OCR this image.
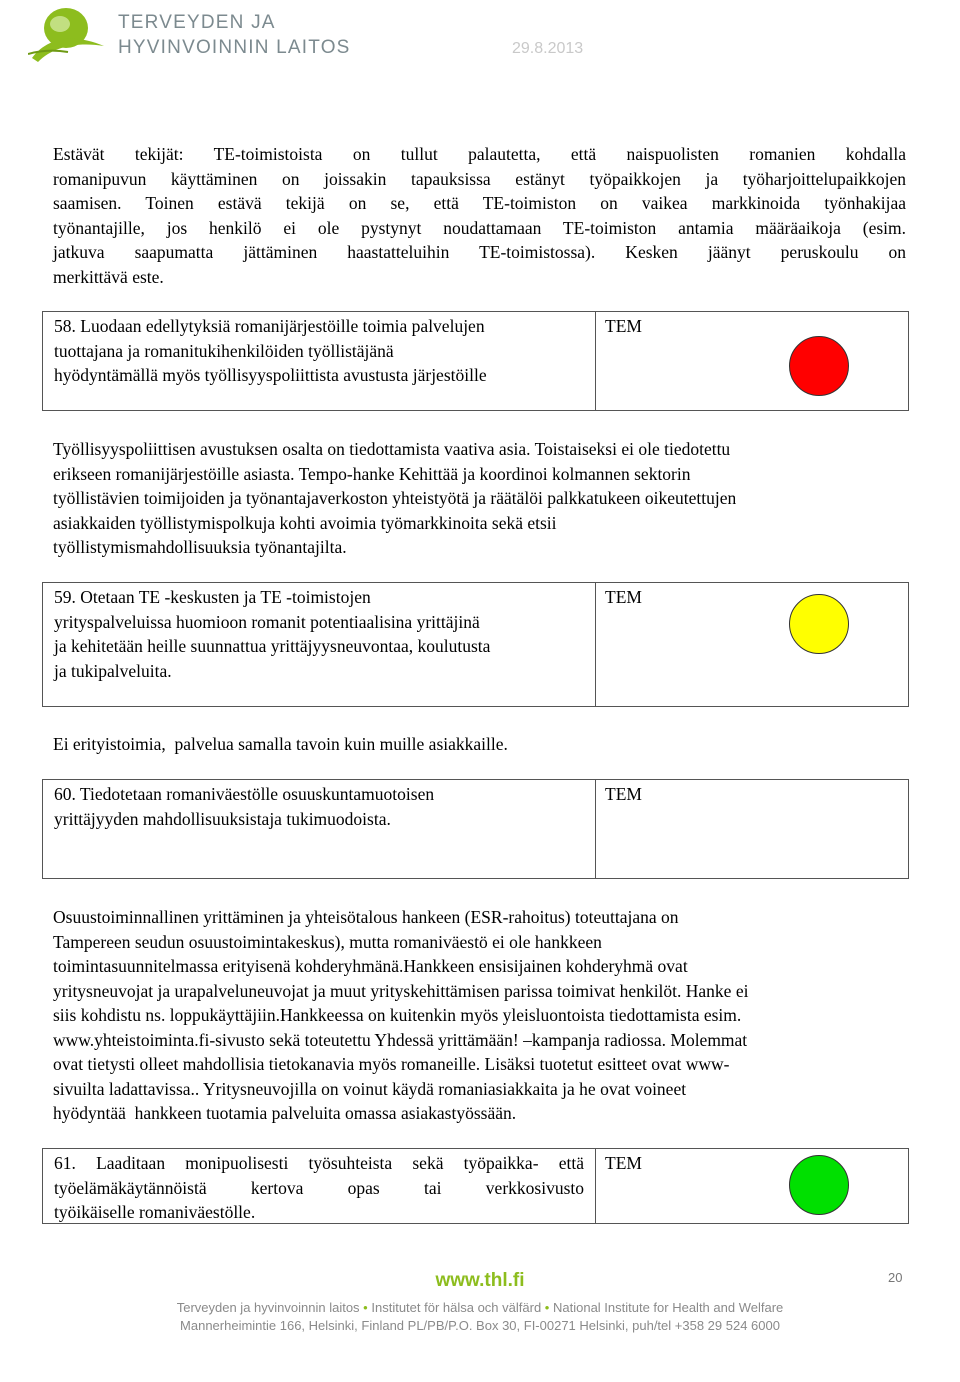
TERVEYDEN JA
HYVINVOINNIN LAITOS	29.8.2013

Estävät tekijät: TE-toimistoista on tullut palautetta, että naispuolisten romanien kohdalla

romanipuvun käyttäminen on joissakin tapauksissa estänyt työpaikkojen ja työharjoittelupaikkojen

saamisen. Toinen estävä tekijä on se, että TE-toimiston on vaikea markkinoida työnhakijaa

työnantajille, jos henkilö ei ole pystynyt noudattamaan TE-toimiston antamia määräaikoja (esim.

jatkuva saapumatta jättäminen haastatteluihin TE-toimistossa). Kesken jäänyt peruskoulu on

merkittävä este.

58. Luodaan edellytyksiä romanijärjestöille toimia palvelujen
tuottajana ja romanitukihenkilöiden työllistäjänä
hyödyntämällä myös työllisyyspoliittista avustusta järjestöille
TEM

Työllisyyspoliittisen avustuksen osalta on tiedottamista vaativa asia. Toistaiseksi ei ole tiedotettu

erikseen romanijärjestöille asiasta. Tempo-hanke Kehittää ja koordinoi kolmannen sektorin

työllistävien toimijoiden ja työnantajaverkoston yhteistyötä ja räätälöi palkkatukeen oikeutettujen

asiakkaiden työllistymispolkuja kohti avoimia työmarkkinoita sekä etsii

työllistymismahdollisuuksia työnantajilta.

59. Otetaan TE -keskusten ja TE -toimistojen
yrityspalveluissa huomioon romanit potentiaalisina yrittäjinä
ja kehitetään heille suunnattua yrittäjyysneuvontaa, koulutusta
ja tukipalveluita.
TEM

Ei erityistoimia,  palvelua samalla tavoin kuin muille asiakkaille.

60. Tiedotetaan romaniväestölle osuuskuntamuotoisen
yrittäjyyden mahdollisuuksistaja tukimuodoista.
TEM

Osuustoiminnallinen yrittäminen ja yhteisötalous hankeen (ESR-rahoitus) toteuttajana on

Tampereen seudun osuustoimintakeskus), mutta romaniväestö ei ole hankkeen

toimintasuunnitelmassa erityisenä kohderyhmänä.Hankkeen ensisijainen kohderyhmä ovat

yritysneuvojat ja urapalveluneuvojat ja muut yrityskehittämisen parissa toimivat henkilöt. Hanke ei

siis kohdistu ns. loppukäyttäjiin.Hankkeessa on kuitenkin myös yleisluontoista tiedottamista esim.

www.yhteistoiminta.fi-sivusto sekä toteutettu Yhdessä yrittämään! –kampanja radiossa. Molemmat

ovat tietysti olleet mahdollisia tietokanavia myös romaneille. Lisäksi tuotetut esitteet ovat www-

sivuilta ladattavissa.. Yritysneuvojilla on voinut käydä romaniasiakkaita ja he ovat voineet

hyödyntää  hankkeen tuotamia palveluita omassa asiakastyössään.

61. Laaditaan monipuolisesti työsuhteista sekä työpaikka- että
työelämäkäytännöistä kertova opas tai verkkosivusto
työikäiselle romaniväestölle.
TEM
www.thl.fi	20
Terveyden ja hyvinvoinnin laitos • Institutet för hälsa och välfärd • National Institute for Health and Welfare
Mannerheimintie 166, Helsinki, Finland PL/PB/P.O. Box 30, FI-00271 Helsinki, puh/tel +358 29 524 6000
